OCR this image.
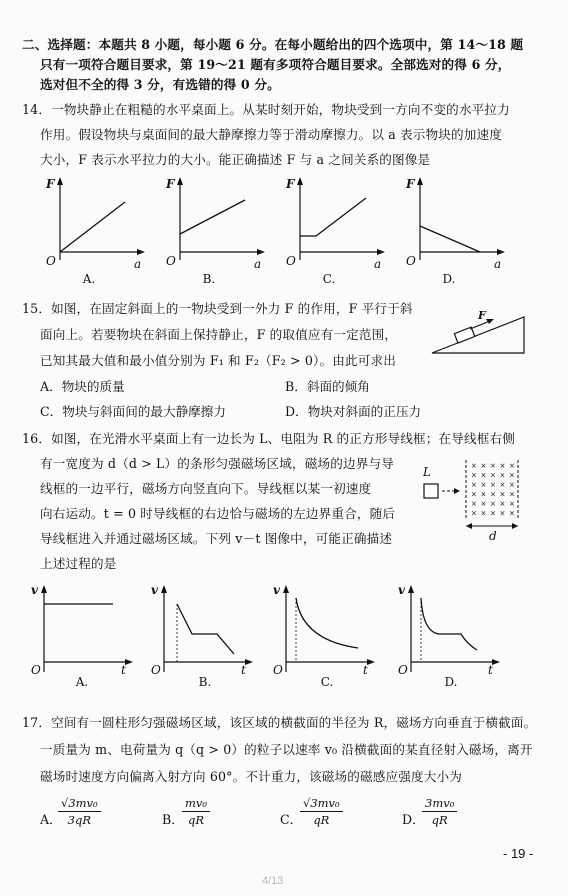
二、选择题：本题共 8 小题，每小题 6 分。在每小题给出的四个选项中，第 14～18 题
只有一项符合题目要求，第 19～21 题有多项符合题目要求。全部选对的得 6 分，
选对但不全的得 3 分，有选错的得 0 分。
14．一物块静止在粗糙的水平桌面上。从某时刻开始，物块受到一方向不变的水平拉力
作用。假设物块与桌面间的最大静摩擦力等于滑动摩擦力。以 a 表示物块的加速度
大小，F 表示水平拉力的大小。能正确描述 F 与 a 之间关系的图像是
F
O	a
A.
F
O	a
B.
F
O	a
C.
F
O	a
D.
15．如图，在固定斜面上的一物块受到一外力 F 的作用，F 平行于斜
面向上。若要物块在斜面上保持静止，F 的取值应有一定范围，
已知其最大值和最小值分别为 F₁ 和 F₂（F₂ > 0）。由此可求出
F
A．物块的质量	B．斜面的倾角
C．物块与斜面间的最大静摩擦力	D．物块对斜面的正压力
16．如图，在光滑水平桌面上有一边长为 L、电阻为 R 的正方形导线框；在导线框右侧
有一宽度为 d（d > L）的条形匀强磁场区域，磁场的边界与导
线框的一边平行，磁场方向竖直向下。导线框以某一初速度
向右运动。t = 0 时导线框的右边恰与磁场的左边界重合，随后
导线框进入并通过磁场区域。下列 v－t 图像中，可能正确描述
上述过程的是
L	× × × × ×
× × × × ×
× × × × ×
× × × × ×
× × × × ×
× × × × ×
d
v
O	t
A.
v
O	t
B.
v
O	t
C.
v
O	t
D.
17．空间有一圆柱形匀强磁场区域，该区域的横截面的半径为 R，磁场方向垂直于横截面。
一质量为 m、电荷量为 q（q > 0）的粒子以速率 v₀ 沿横截面的某直径射入磁场，离开
磁场时速度方向偏离入射方向 60°。不计重力，该磁场的磁感应强度大小为
A．
$\frac{\text{√3mv₀}}{3qR}$	B．
$\frac{\text{mv₀}}{qR}$	C．
$\frac{\text{√3mv₀}}{qR}$	D．
$\frac{\text{3mv₀}}{qR}$
- 19 -
4/13
